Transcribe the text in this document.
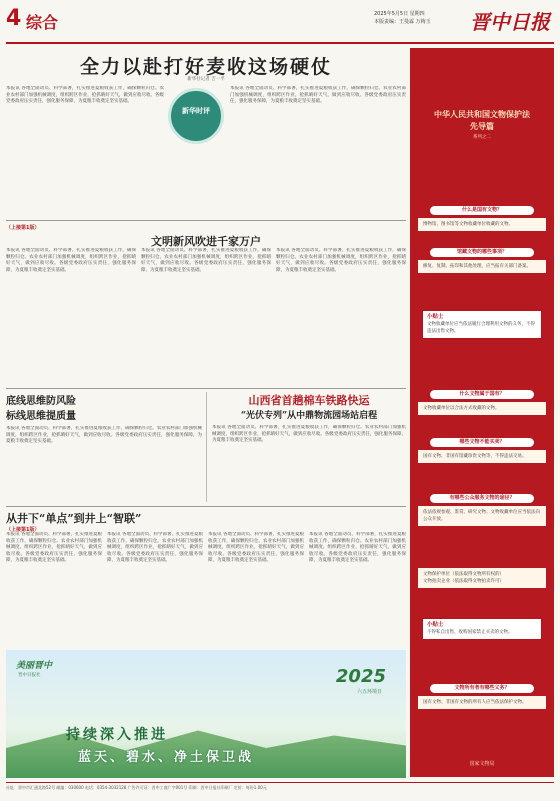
4 综合	2025年5月5日 星期四
本版责编：王曼霖 万梅玉	晋中日报
全力以赴打好麦收这场硬仗
新华社记者 吉一平
本报讯 各地全面动员、科学部署，扎实推进夏粮收获工作，确保颗粒归仓。农业农村部门加强机械调度，组织跨区作业，抢抓晴好天气，做到应收尽收。各级党委政府压实责任，强化服务保障，为夏粮丰收奠定坚实基础。
新华时评
本报讯 各地全面动员、科学部署，扎实推进夏粮收获工作，确保颗粒归仓。农业农村部门加强机械调度，组织跨区作业，抢抓晴好天气，做到应收尽收。各级党委政府压实责任，强化服务保障，为夏粮丰收奠定坚实基础。
（上接第1版）
文明新风吹进千家万户
本报讯 各地全面动员、科学部署，扎实推进夏粮收获工作，确保颗粒归仓。农业农村部门加强机械调度，组织跨区作业，抢抓晴好天气，做到应收尽收。各级党委政府压实责任，强化服务保障，为夏粮丰收奠定坚实基础。
本报讯 各地全面动员、科学部署，扎实推进夏粮收获工作，确保颗粒归仓。农业农村部门加强机械调度，组织跨区作业，抢抓晴好天气，做到应收尽收。各级党委政府压实责任，强化服务保障，为夏粮丰收奠定坚实基础。
本报讯 各地全面动员、科学部署，扎实推进夏粮收获工作，确保颗粒归仓。农业农村部门加强机械调度，组织跨区作业，抢抓晴好天气，做到应收尽收。各级党委政府压实责任，强化服务保障，为夏粮丰收奠定坚实基础。
底线思维防风险
标线思维提质量
本报讯 各地全面动员、科学部署，扎实推进夏粮收获工作，确保颗粒归仓。农业农村部门加强机械调度，组织跨区作业，抢抓晴好天气，做到应收尽收。各级党委政府压实责任，强化服务保障，为夏粮丰收奠定坚实基础。
山西省首趟棉车铁路快运
“光伏专列”从中鼎物流园场站启程
本报讯 各地全面动员、科学部署，扎实推进夏粮收获工作，确保颗粒归仓。农业农村部门加强机械调度，组织跨区作业，抢抓晴好天气，做到应收尽收。各级党委政府压实责任，强化服务保障，为夏粮丰收奠定坚实基础。
从井下“单点”到井上“智联”
（上接第1版）
本报讯 各地全面动员、科学部署，扎实推进夏粮收获工作，确保颗粒归仓。农业农村部门加强机械调度，组织跨区作业，抢抓晴好天气，做到应收尽收。各级党委政府压实责任，强化服务保障，为夏粮丰收奠定坚实基础。
本报讯 各地全面动员、科学部署，扎实推进夏粮收获工作，确保颗粒归仓。农业农村部门加强机械调度，组织跨区作业，抢抓晴好天气，做到应收尽收。各级党委政府压实责任，强化服务保障，为夏粮丰收奠定坚实基础。
本报讯 各地全面动员、科学部署，扎实推进夏粮收获工作，确保颗粒归仓。农业农村部门加强机械调度，组织跨区作业，抢抓晴好天气，做到应收尽收。各级党委政府压实责任，强化服务保障，为夏粮丰收奠定坚实基础。
本报讯 各地全面动员、科学部署，扎实推进夏粮收获工作，确保颗粒归仓。农业农村部门加强机械调度，组织跨区作业，抢抓晴好天气，做到应收尽收。各级党委政府压实责任，强化服务保障，为夏粮丰收奠定坚实基础。
美丽晋中
晋中日报社	2025
六五环境日
持续深入推进
蓝天、碧水、净土保卫战
中华人民共和国文物保护法
先导篇
系列之二
什么是国有文物？
博物馆、图书馆等文物收藏单位收藏的文物。
馆藏文物的哪些事项？
修复、复制、拓印和其他处理，应当报有关部门备案。
小贴士
文物收藏单位应当依法履行合理利用文物的义务，不得违法出售文物。
什么文物属于国有？
文物收藏单位以合法方式收藏的文物。
哪些文物不能买卖？
国有文物、非国有馆藏珍贵文物等，不得违法交易。
有哪些公众服务文物的途径？
依法依规参观、鉴赏、研究文物；文物收藏单位应当依法向公众开放。
文物保护单位（依法取得文物所有权的）
文物拍卖企业（依法取得文物拍卖许可）
小贴士
不得私自出售、收购国家禁止买卖的文物。
文物所有者有哪些义务？
国有文物、非国有文物的所有人应当依法保护文物。
国家文物局
社址：晋中市汇通北路52号 邮编：030600 电话：0354-3032128 广告许可证：晋中工商广字001号 印刷：晋中日报社印刷厂 定价：每份1.00元
